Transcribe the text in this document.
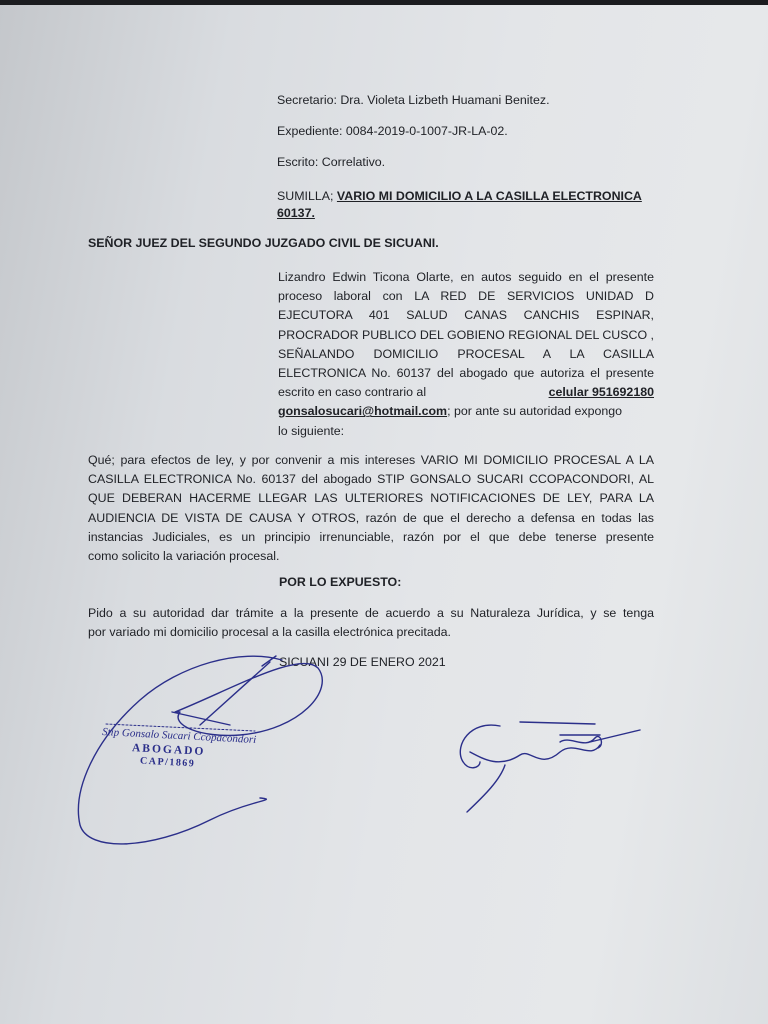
Secretario: Dra. Violeta Lizbeth Huamani Benitez.
Expediente: 0084-2019-0-1007-JR-LA-02.
Escrito: Correlativo.
SUMILLA; VARIO MI DOMICILIO A LA CASILLA ELECTRONICA 60137.
SEÑOR JUEZ DEL SEGUNDO JUZGADO CIVIL DE SICUANI.
Lizandro Edwin Ticona Olarte, en autos seguido en el presente
proceso laboral con LA RED DE SERVICIOS UNIDAD D
EJECUTORA 401 SALUD CANAS CANCHIS ESPINAR,
PROCRADOR PUBLICO DEL GOBIENO REGIONAL DEL CUSCO ,
SEÑALANDO DOMICILIO PROCESAL A LA CASILLA
ELECTRONICA No. 60137 del abogado que autoriza el presente
escrito en caso contrario al	celular 951692180
gonsalosucari@hotmail.com; por ante su autoridad expongo
lo siguiente:
Qué; para efectos de ley, y por convenir a mis intereses VARIO MI DOMICILIO PROCESAL A LA
CASILLA ELECTRONICA No. 60137 del abogado STIP GONSALO SUCARI CCOPACONDORI, AL
QUE DEBERAN HACERME LLEGAR LAS ULTERIORES NOTIFICACIONES DE LEY, PARA LA
AUDIENCIA DE VISTA DE CAUSA Y OTROS, razón de que el derecho a defensa en todas las
instancias Judiciales, es un principio irrenunciable, razón por el que debe tenerse presente
como solicito la variación procesal.
POR LO EXPUESTO:
Pido a su autoridad dar trámite a la presente de acuerdo a su Naturaleza Jurídica, y se tenga
por variado mi domicilio procesal a la casilla electrónica precitada.
SICUANI 29 DE ENERO 2021
Stip Gonsalo Sucari Ccopacondori
ABOGADO
CAP/1869
